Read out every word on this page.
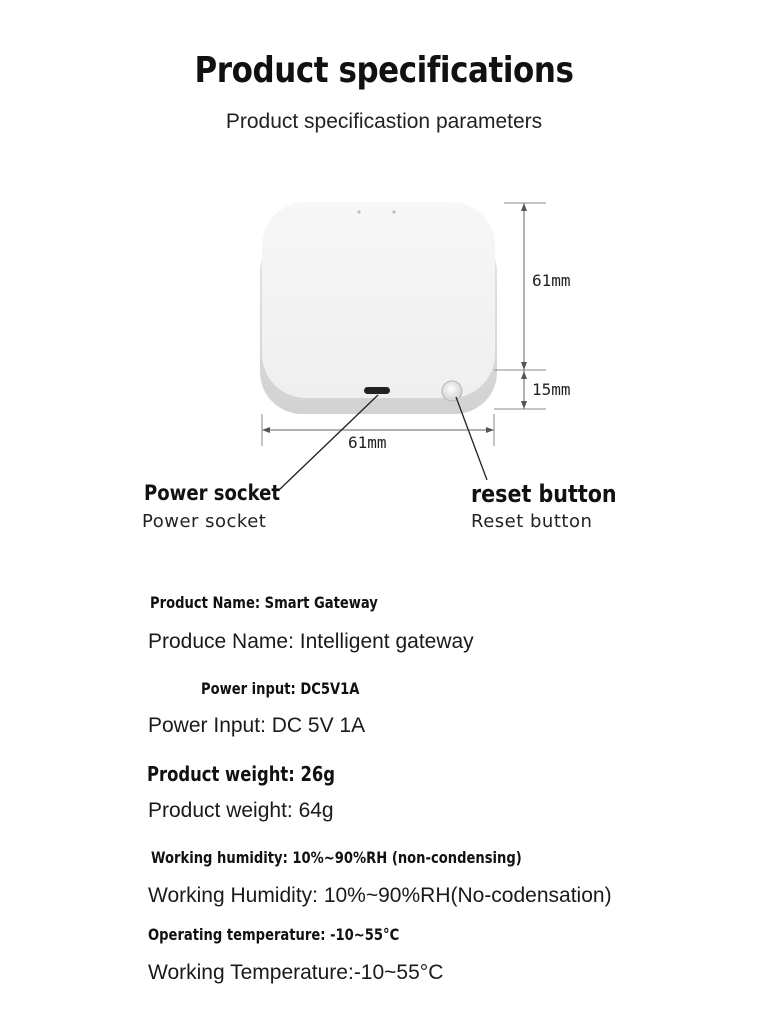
Product specifications
Product specificastion parameters
61mm
15mm
61mm
Power socket
Power socket
reset button
Reset button
Product Name: Smart Gateway
Produce Name: Intelligent gateway
Power input: DC5V1A
Power Input: DC 5V 1A
Product weight: 26g
Product weight: 64g
Working humidity: 10%~90%RH (non-condensing)
Working Humidity: 10%~90%RH(No-codensation)
Operating temperature: -10~55°C
Working Temperature:-10~55°C
